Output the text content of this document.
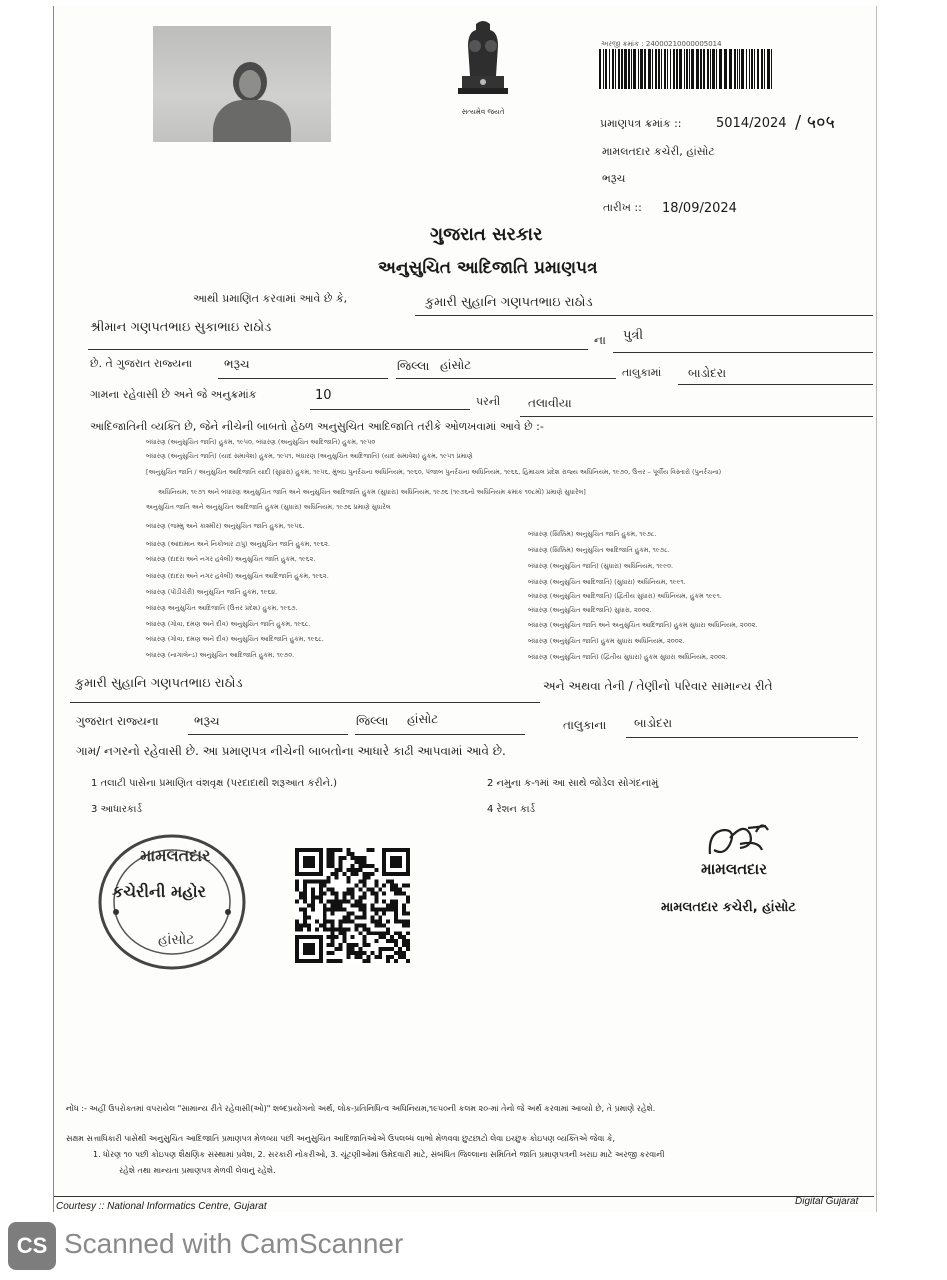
સત્યમેવ જયતે
અરજી ક્રમાંક : 24000210000005014
પ્રમાણપત્ર ક્રમાંક ::	5014/2024 / ५०५
મામલતદાર કચેરી, હાંસોટ
ભરૂચ
તારીખ :: 18/09/2024
ગુજરાત સરકાર
અનુસુચિત આદિજાતિ પ્રમાણપત્ર
આથી પ્રમાણિત કરવામાં આવે છે કે,	કુમારી સુહાનિ ગણપતભાઇ રાઠોડ
શ્રીમાન ગણપતભાઇ સુકાભાઇ રાઠોડ
ના પુત્રી
છે. તે ગુજરાત રાજ્યના	ભરૂચ	જિલ્લા હાંસોટ
તાલુકામાં બાડોદરા
ગામના રહેવાસી છે અને જે અનુક્રમાંક	10	પરની તલાવીયા
આદિજાતિની વ્યક્તિ છે, જેને નીચેની બાબતો હેઠળ અનુસુચિત આદિજાતિ તરીકે ઓળખવામાં આવે છે :-
બંધારણ (અનુસુચિત જાતિ) હુકમ, ૧૯૫૦, બંધારણ (અનુસુચિત આદિજાતિ) હુકમ, ૧૯૫૦
બંધારણ (અનુસુચિત જાતિ) (યાદ સમાવેશ) હુકમ, ૧૯૫૧, બંધારણ (અનુસુચિત આદિજાતિ) (યાદ સમાવેશ) હુકમ, ૧૯૫૧ પ્રમાણે
[અનુસુચિત જાતિ / અનુસુચિત આદિજાતિ યાદી (સુધારા) હુકમ, ૧૯૫૬, મુંબઇ પુનર્રચના અધિનિયમ, ૧૯૬૦, પંજાબ પુનર્રચના અધિનિયમ, ૧૯૬૬, હિમાચલ પ્રદેશ રાજ્ય અધિનિયમ, ૧૯૭૦, ઉત્તર – પૂર્વીય વિસ્તારો (પુનર્રચના)
અધિનિયમ, ૧૯૭૧ અને બંધારણ અનુસુચિત જાતિ અને અનુસુચિત આદિજાતિ હુકમ (સુધારા) અધિનિયમ, ૧૯૭૬ (૧૯૭૬નો અધિનિયમ ક્રમાંક ૧૦૮મો) પ્રમાણે સુધારેલ]
અનુસુચિત જાતિ અને અનુસુચિત આદિજાતિ હુકમ (સુધારા) અધિનિયમ, ૧૯૭૬ પ્રમાણે સુધારેલ
બંધારણ (જમ્મુ અને કાશ્મીર) અનુસુચિત જાતિ હુકમ, ૧૯૫૬.
બંધારણ (આંદામાન અને નિકોબાર ટાપુ) અનુસુચિત જાતિ હુકમ, ૧૯૬૨.
બંધારણ (દાદરા અને નગર હવેલી) અનુસુચિત જાતિ હુકમ, ૧૯૬૨.
બંધારણ (દાદરા અને નગર હવેલી) અનુસુચિત આદિજાતિ હુકમ, ૧૯૬૨.
બંધારણ (પોંડીચેરી) અનુસુચિત જાતિ હુકમ, ૧૯૬૪.
બંધારણ અનુસુચિત આદિજાતિ (ઉત્તર પ્રદેશ) હુકમ, ૧૯૬૭.
બંધારણ (ગોવા, દમણ અને દીવ) અનુસુચિત જાતિ હુકમ, ૧૯૬૮.
બંધારણ (ગોવા, દમણ અને દીવ) અનુસુચિત આદિજાતિ હુકમ, ૧૯૬૮.
બંધારણ (નાગાલેન્ડ) અનુસુચિત આદિજાતિ હુકમ, ૧૯૭૦.
બંધારણ (સિક્કિમ) અનુસુચિત જાતિ હુકમ, ૧૯૭૮.
બંધારણ (સિક્કિમ) અનુસુચિત આદિજાતિ હુકમ, ૧૯૭૮.
બંધારણ (અનુસુચિત જાતિ) (સુધારા) અધિનિયમ, ૧૯૯૦.
બંધારણ (અનુસુચિત આદિજાતિ) (સુધારા) અધિનિયમ, ૧૯૯૧.
બંધારણ (અનુસુચિત આદિજાતિ) (દ્વિતીય સુધારા) અધિનિયમ, હુકમ ૧૯૯૧.
બંધારણ (અનુસુચિત આદિજાતિ) સુધારા, ૨૦૦૨.
બંધારણ (અનુસુચિત જાતિ અને અનુસુચિત આદિજાતિ) હુકમ સુધારા અધિનિયમ, ૨૦૦૨.
બંધારણ (અનુસુચિત જાતિ) હુકમ સુધારા અધિનિયમ, ૨૦૦૨.
બંધારણ (અનુસુચિત જાતિ) (દ્વિતીય સુધારા) હુકમ સુધારા અધિનિયમ, ૨૦૦૨.
કુમારી સુહાનિ ગણપતભાઇ રાઠોડ	અને અથવા તેની / તેણીનો પરિવાર સામાન્ય રીતે
ગુજરાત રાજ્યના	ભરૂચ	જિલ્લા હાંસોટ	તાલુકાના બાડોદરા
ગામ/ નગરનો રહેવાસી છે. આ પ્રમાણપત્ર નીચેની બાબતોના આધારે કાઢી આપવામાં આવે છે.
1 તલાટી પાસેના પ્રમાણિત વંશવૃક્ષ (પરદાદાથી શરૂઆત કરીને.)	2 નમુના ક-૧માં આ સાથે જોડેલ સોગંદનામું
3 આધારકાર્ડ	4 રેશન કાર્ડ
મામલતદાર
કચેરીની મહોર
હાંસોટ
મામલતદાર
મામલતદાર કચેરી, હાંસોટ
નોંધ :- અહીં ઉપરોક્તમાં વપરાયેલ "સામાન્ય રીતે રહેવાસી(ઓ)" શબ્દપ્રયોગનો અર્થ, લોક-પ્રતિનિધિત્વ અધિનિયમ,૧૯૫૦ની કલમ ૨૦-માં તેનો જે અર્થ કરવામાં આવ્યો છે, તે પ્રમાણે રહેશે.
સક્ષમ સત્તાધિકારી પાસેથી અનુસુચિત આદિજાતિ પ્રમાણપત્ર મેળવ્યા પછી અનુસુચિત આદિજાતિઓએ ઉપલબ્ધ લાભો મેળવવા છુટછાટો લેવા ઇચ્છુક કોઇપણ વ્યક્તિએ જેવા કે,
1. ધોરણ ૧૦ પછી કોઇપણ શૈક્ષણિક સંસ્થામાં પ્રવેશ, 2. સરકારી નોકરીઓ, 3. ચૂંટણીઓમાં ઉમેદવારી માટે, સંબંધિત જિલ્લાના સમિતિને જાતિ પ્રમાણપત્રની ખરાઇ માટે અરજી કરવાની
રહેશે તથા માન્યતા પ્રમાણપત્ર મેળવી લેવાનું રહેશે.
Courtesy :: National Informatics Centre, Gujarat	Digital Gujarat
CS Scanned with CamScanner
